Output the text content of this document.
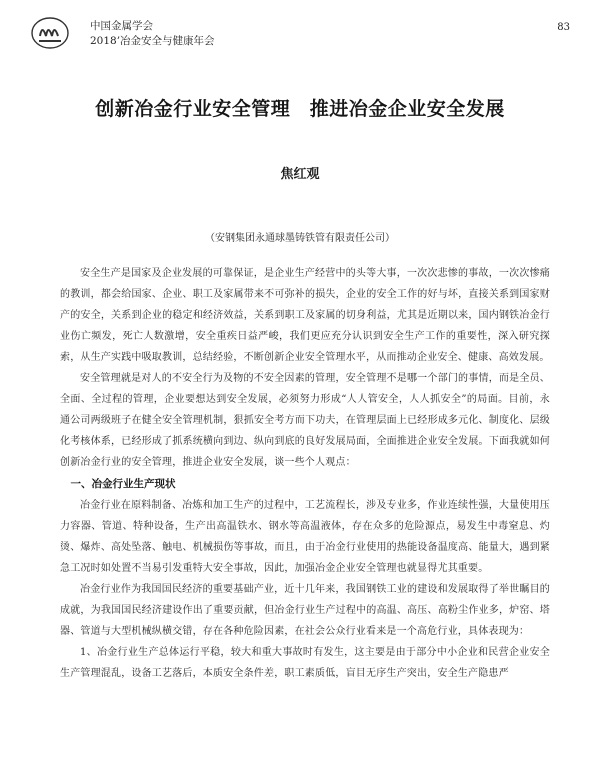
中国金属学会
2018’冶金安全与健康年会
83
创新冶金行业安全管理　推进冶金企业安全发展
焦红观
（安钢集团永通球墨铸铁管有限责任公司）

安全生产是国家及企业发展的可靠保证，是企业生产经营中的头等大事，一次次悲惨的事故，一次次惨痛的教训，都会给国家、企业、职工及家属带来不可弥补的损失，企业的安全工作的好与坏，直接关系到国家财产的安全，关系到企业的稳定和经济效益，关系到职工及家属的切身利益，尤其是近期以来，国内钢铁冶金行业伤亡频发，死亡人数激增，安全重疾日益严峻，我们更应充分认识到安全生产工作的重要性，深入研究探索，从生产实践中吸取教训，总结经验，不断创新企业安全管理水平，从而推动企业安全、健康、高效发展。

安全管理就是对人的不安全行为及物的不安全因素的管理，安全管理不是哪一个部门的事情，而是全员、全面、全过程的管理，企业要想达到安全发展，必须努力形成“人人管安全，人人抓安全”的局面。目前，永通公司两级班子在健全安全管理机制，狠抓安全考方而下功夫，在管理层面上已经形成多元化、制度化、层级化考核体系，已经形成了抓系统横向到边、纵向到底的良好发展局面，全面推进企业安全发展。下面我就如何创新冶金行业的安全管理，推进企业安全发展，谈一些个人观点：

一、冶金行业生产现状

冶金行业在原料制备、冶炼和加工生产的过程中，工艺流程长，涉及专业多，作业连续性强，大量使用压力容器、管道、特种设备，生产出高温铁水、钢水等高温液体，存在众多的危险源点，易发生中毒窒息、灼烫、爆炸、高处坠落、触电、机械损伤等事故，而且，由于冶金行业使用的热能设备温度高、能量大，遇到紧急工况时如处置不当易引发重特大安全事故，因此，加强冶金企业安全管理也就显得尤其重要。

冶金行业作为我国国民经济的重要基础产业，近十几年来，我国钢铁工业的建设和发展取得了举世瞩目的成就，为我国国民经济建设作出了重要贡献，但冶金行业生产过程中的高温、高压、高粉尘作业多，炉窑、塔器、管道与大型机械纵横交错，存在各种危险因素，在社会公众行业看来是一个高危行业，具体表现为：

1、冶金行业生产总体运行平稳，较大和重大事故时有发生，这主要是由于部分中小企业和民营企业安全生产管理混乱，设备工艺落后，本质安全条件差，职工素质低，盲目无序生产突出，安全生产隐患严
